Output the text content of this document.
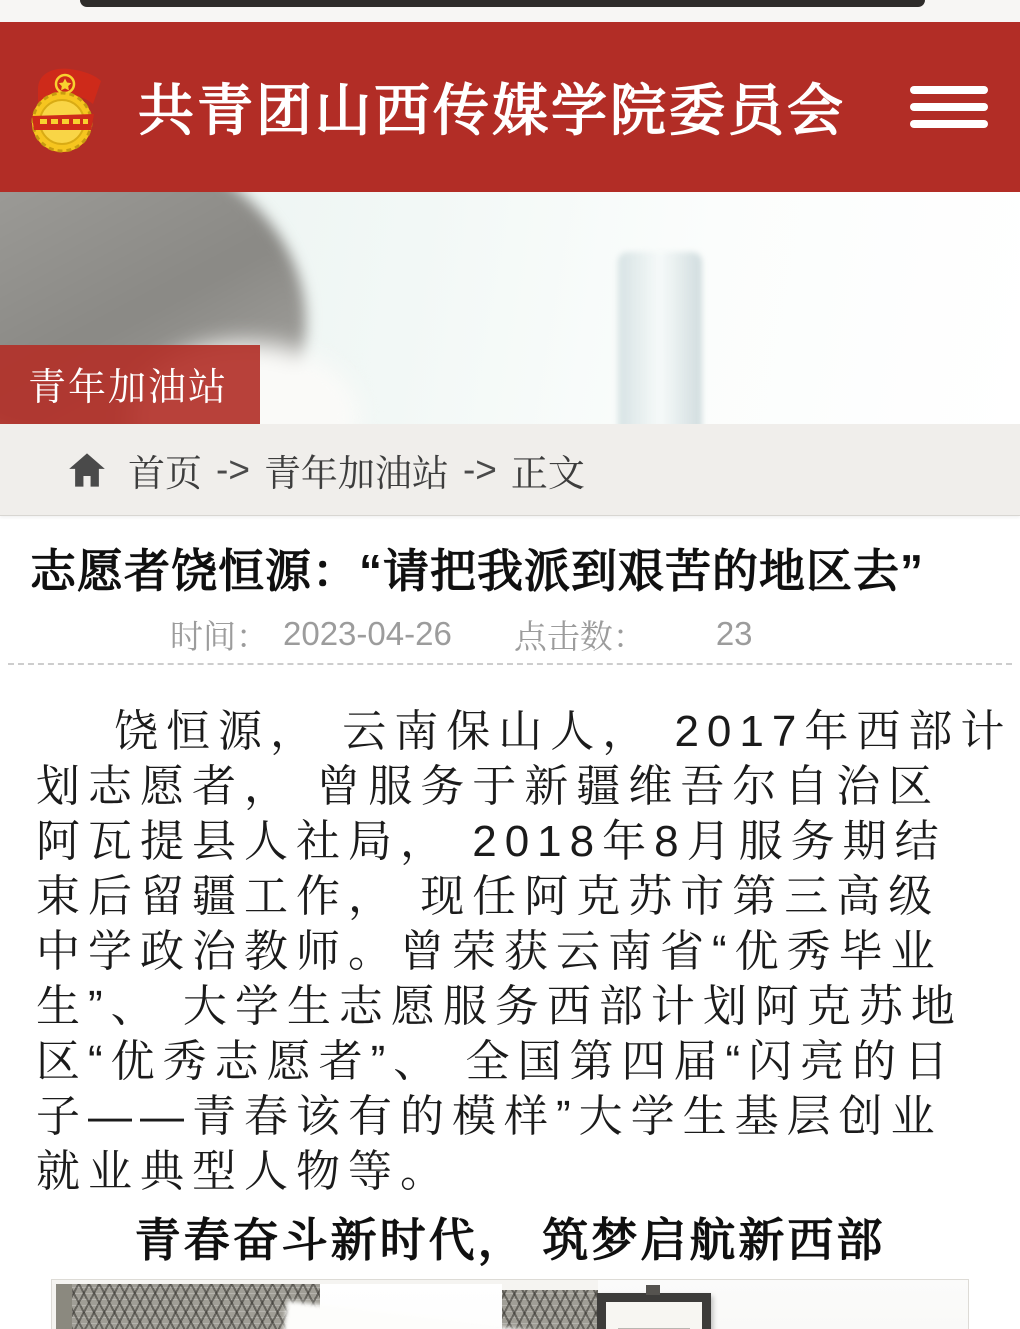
共青团山西传媒学院委员会
青年加油站
首页 -> 青年加油站 -> 正文
志愿者饶恒源：“请把我派到艰苦的地区去”
时间： 2023-04-26 点击数： 23
饶恒源， 云南保山人， 2017年西部计
划志愿者， 曾服务于新疆维吾尔自治区
阿瓦提县人社局， 2018年8月服务期结
束后留疆工作， 现任阿克苏市第三高级
中学政治教师。曾荣获云南省“优秀毕业
生”、 大学生志愿服务西部计划阿克苏地
区“优秀志愿者”、 全国第四届“闪亮的日
子——青春该有的模样”大学生基层创业
就业典型人物等。
青春奋斗新时代， 筑梦启航新西部
